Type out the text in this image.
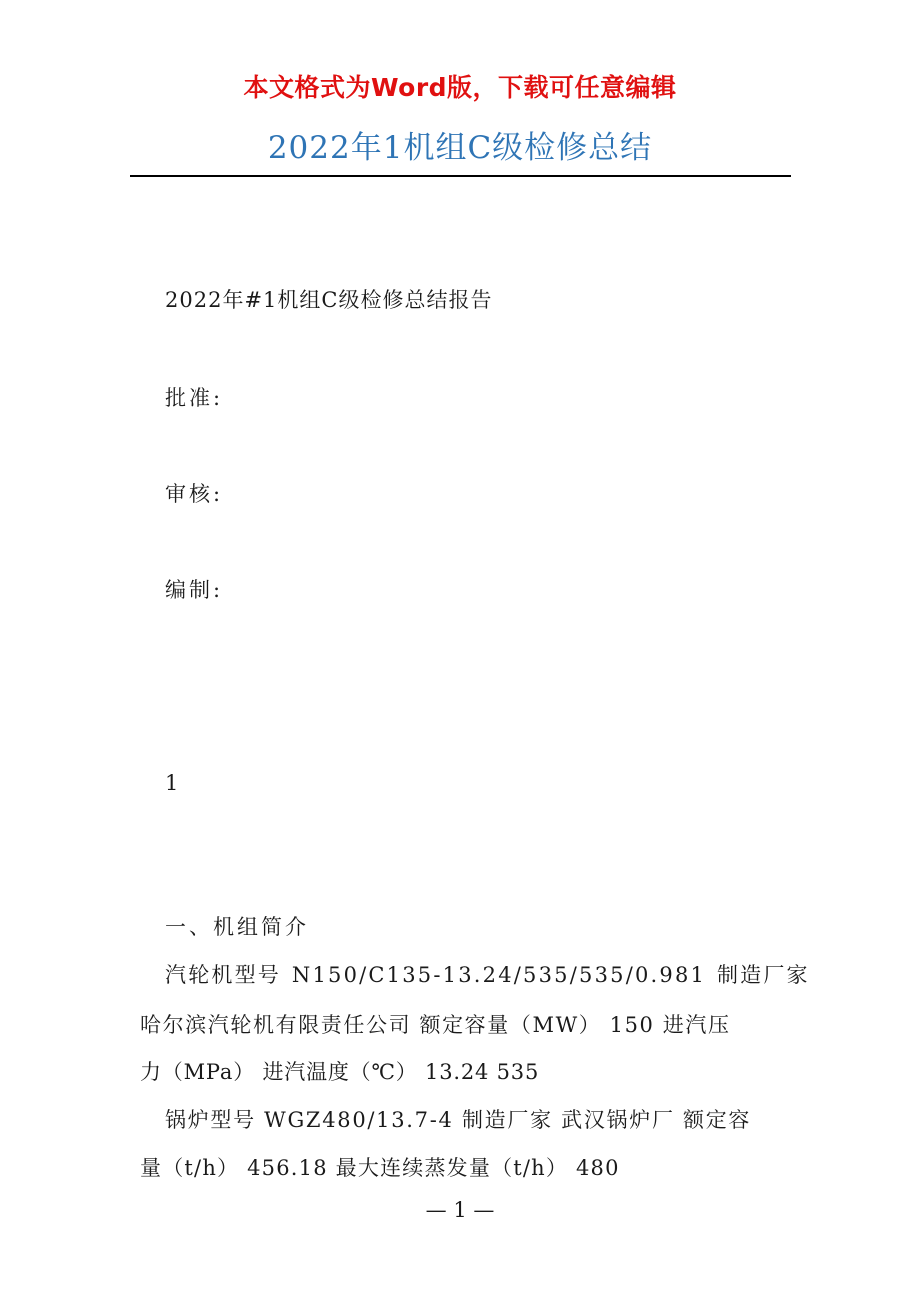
本文格式为Word版，下载可任意编辑
2022年1机组C级检修总结
2022年#1机组C级检修总结报告
批准:
审核:
编制:
1
一、机组简介
汽轮机型号 N150/C135-13.24/535/535/0.981 制造厂家
哈尔滨汽轮机有限责任公司 额定容量（MW） 150 进汽压
力（MPa） 进汽温度（℃） 13.24 535
锅炉型号 WGZ480/13.7-4 制造厂家 武汉锅炉厂 额定容
量（t/h） 456.18 最大连续蒸发量（t/h） 480
— 1 —
